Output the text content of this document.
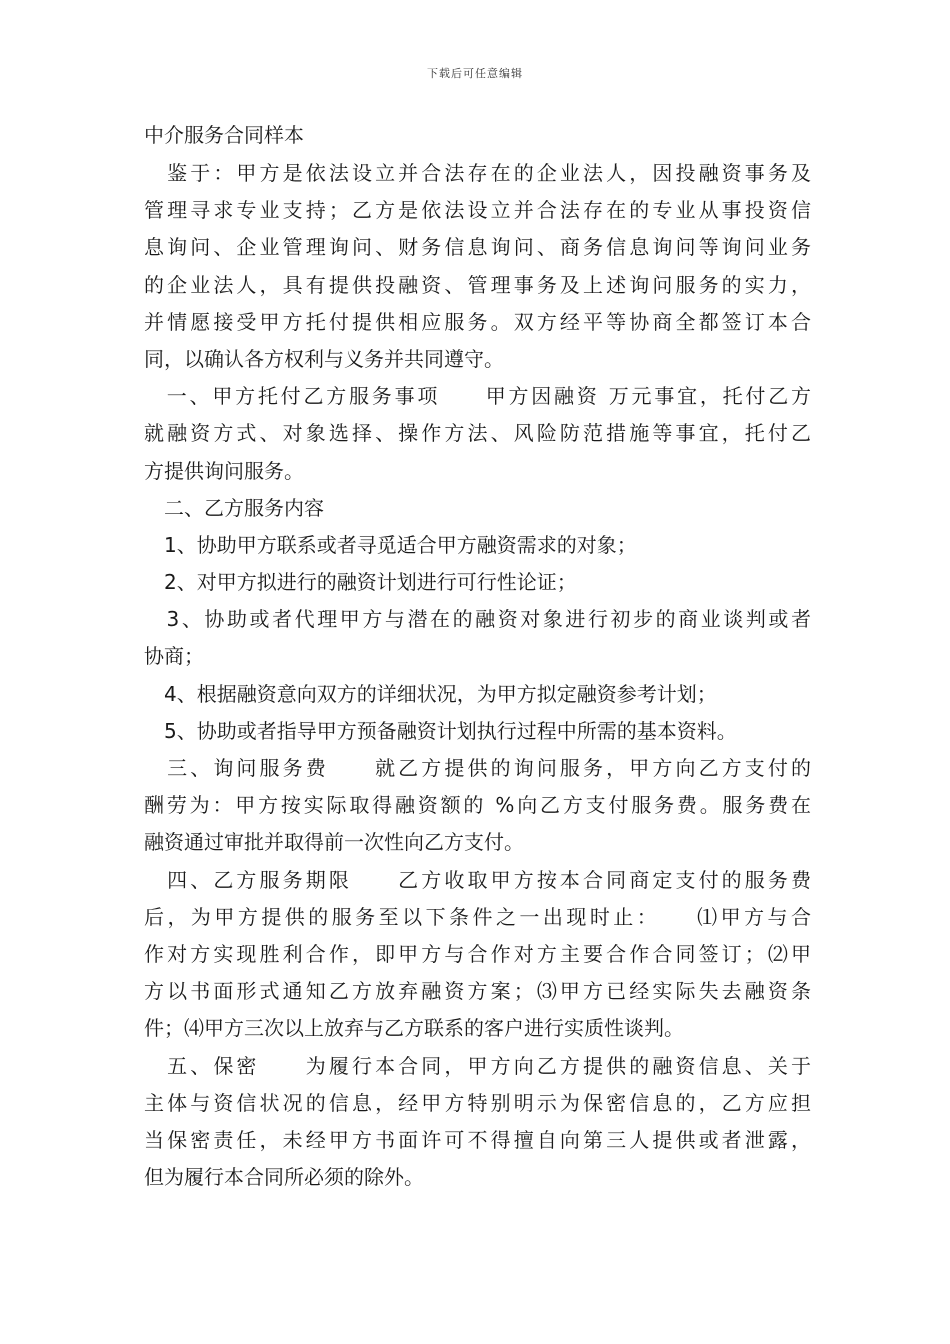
下载后可任意编辑
中介服务合同样本
　鉴于：甲方是依法设立并合法存在的企业法人，因投融资事务及
管理寻求专业支持；乙方是依法设立并合法存在的专业从事投资信
息询问、企业管理询问、财务信息询问、商务信息询问等询问业务
的企业法人，具有提供投融资、管理事务及上述询问服务的实力，
并情愿接受甲方托付提供相应服务。双方经平等协商全都签订本合
同，以确认各方权利与义务并共同遵守。
　一、甲方托付乙方服务事项　　甲方因融资 万元事宜，托付乙方
就融资方式、对象选择、操作方法、风险防范措施等事宜，托付乙
方提供询问服务。
　二、乙方服务内容
　1、协助甲方联系或者寻觅适合甲方融资需求的对象；
　2、对甲方拟进行的融资计划进行可行性论证；
　3、协助或者代理甲方与潜在的融资对象进行初步的商业谈判或者
协商；
　4、根据融资意向双方的详细状况，为甲方拟定融资参考计划；
　5、协助或者指导甲方预备融资计划执行过程中所需的基本资料。
　三、询问服务费　　就乙方提供的询问服务，甲方向乙方支付的
酬劳为：甲方按实际取得融资额的 %向乙方支付服务费。服务费在
融资通过审批并取得前一次性向乙方支付。
　四、乙方服务期限　　乙方收取甲方按本合同商定支付的服务费
后，为甲方提供的服务至以下条件之一出现时止：　　⑴甲方与合
作对方实现胜利合作，即甲方与合作对方主要合作合同签订；⑵甲
方以书面形式通知乙方放弃融资方案；⑶甲方已经实际失去融资条
件；⑷甲方三次以上放弃与乙方联系的客户进行实质性谈判。
　五、保密　　为履行本合同，甲方向乙方提供的融资信息、关于
主体与资信状况的信息，经甲方特别明示为保密信息的，乙方应担
当保密责任，未经甲方书面许可不得擅自向第三人提供或者泄露，
但为履行本合同所必须的除外。
